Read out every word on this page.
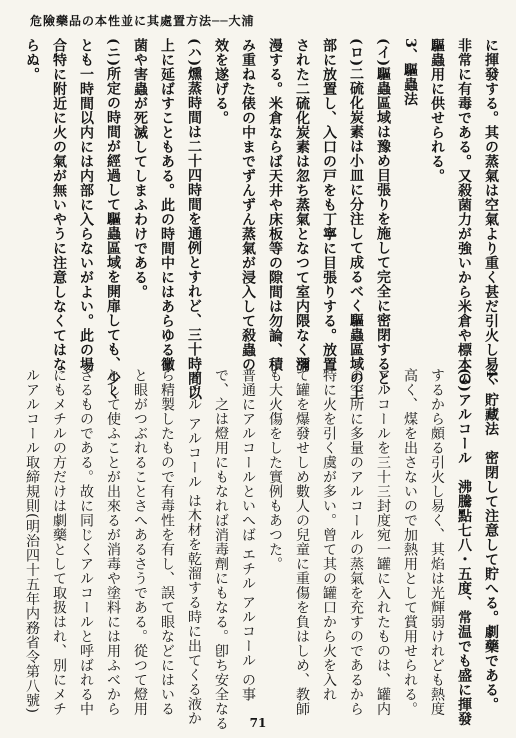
危險藥品の本性並に其處置方法──大浦
に揮發する。其の蒸氣は空氣より重く甚だ引火し易く
非常に有毒である。又殺菌力が強いから米倉や標本の
驅蟲用に供せられる。
3、驅蟲法
(イ)驅蟲區域は豫め目張りを施して完全に密閉すると、
(ロ)二硫化炭素は小皿に分注して成るべく驅蟲區域の上
部に放置し、入口の戸をも丁寧に目張りする。放置
された二硫化炭素は忽ち蒸氣となつて室内隈なく瀰
漫する。米倉ならば天井や床板等の隙間は勿論、積
み重ねた俵の中までずんずん蒸氣が浸入して殺蟲の
效を遂げる。
(ハ)燻蒸時間は二十四時間を通例とすれど、三十時間以
上に延ばすこともある。此の時間中にはあらゆる黴
菌や害蟲が死滅してしまふわけである。
(ニ)所定の時間が經過して驅蟲區域を開扉しても、少く
とも一時間以内には内部に入らないがよい。此の場
合特に附近に火の氣が無いやうに注意しなくてはな
らぬ。
4、貯藏法　密閉して注意して貯へる。劇藥である。
(3)アルコール　沸騰點七八・五度、常温でも盛に揮發
するから頗る引火し易く、其焰は光輝弱けれども熱度
高く、煤を出さないので加熱用として賞用せられる。
アルコールを三十三封度宛一罐に入れたものは、罐内
の空所に多量のアルコールの蒸氣を充すのであるから
特に火を引く虞が多い。曾て其の罐口から火を入れ
て罐を爆發せしめ數人の兒童に重傷を負はしめ、教師
も大火傷をした實例もあつた。
普通にアルコールといへば エチル アルコール の事
で、之は燈用にもなれば消毒劑にもなる。卽ち安全なる
メチル アルコール は木材を乾溜する時に出てくる液か
ら精製したもので有毒性を有し、誤て眼などにはいる
と眼がつぶれることさへあるさうである。從つて燈用
として使ふことが出來るが消毒や塗料には用ふべから
ざるものである。故に同じくアルコールと呼ばれる中
にもメチルの方だけは劇藥として取扱はれ、別にメチ
ルアルコール取締規則(明治四十五年内務省令第八號)
71
